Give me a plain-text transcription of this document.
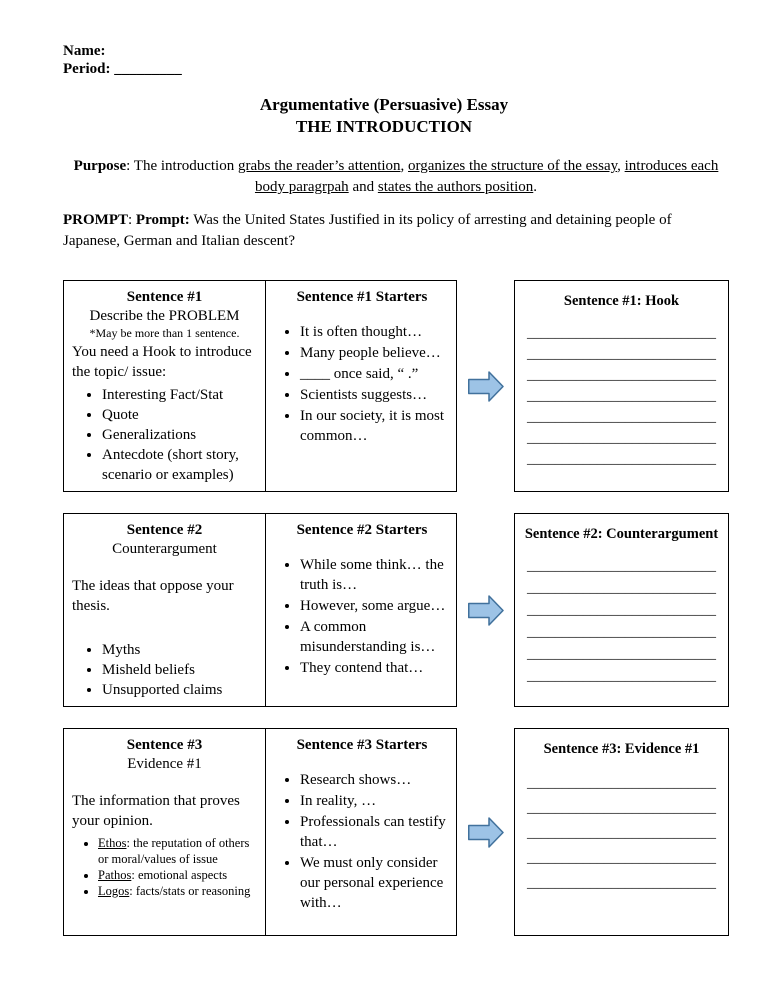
Name:
Period: _________
Argumentative (Persuasive) Essay
THE INTRODUCTION
Purpose: The introduction grabs the reader’s attention, organizes the structure of the essay, introduces each body paragrpah and states the authors position.
PROMPT: Prompt: Was the United States Justified in its policy of arresting and detaining people of Japanese, German and Italian descent?
Sentence #1
Describe the PROBLEM
*May be more than 1 sentence.
You need a Hook to introduce the topic/ issue:
• Interesting Fact/Stat
• Quote
• Generalizations
• Antecdote (short story, scenario or examples)
Sentence #1 Starters
• It is often thought…
• Many people believe…
• ____ once said, “ .”
• Scientists suggests…
• In our society, it is most common…
Sentence #1: Hook
___________________________
___________________________
___________________________
___________________________
___________________________
___________________________
___________________________
Sentence #2
Counterargument
The ideas that oppose your thesis.
• Myths
• Misheld beliefs
• Unsupported claims
Sentence #2 Starters
• While some think… the truth is…
• However, some argue…
• A common misunderstanding is…
• They contend that…
Sentence #2: Counterargument
___________________________
___________________________
___________________________
___________________________
___________________________
___________________________
Sentence #3
Evidence #1
The information that proves your opinion.
• Ethos: the reputation of others or moral/values of issue
• Pathos: emotional aspects
• Logos: facts/stats or reasoning
Sentence #3 Starters
• Research shows…
• In reality, …
• Professionals can testify that…
• We must only consider our personal experience with…
Sentence #3: Evidence #1
___________________________
___________________________
___________________________
___________________________
___________________________
